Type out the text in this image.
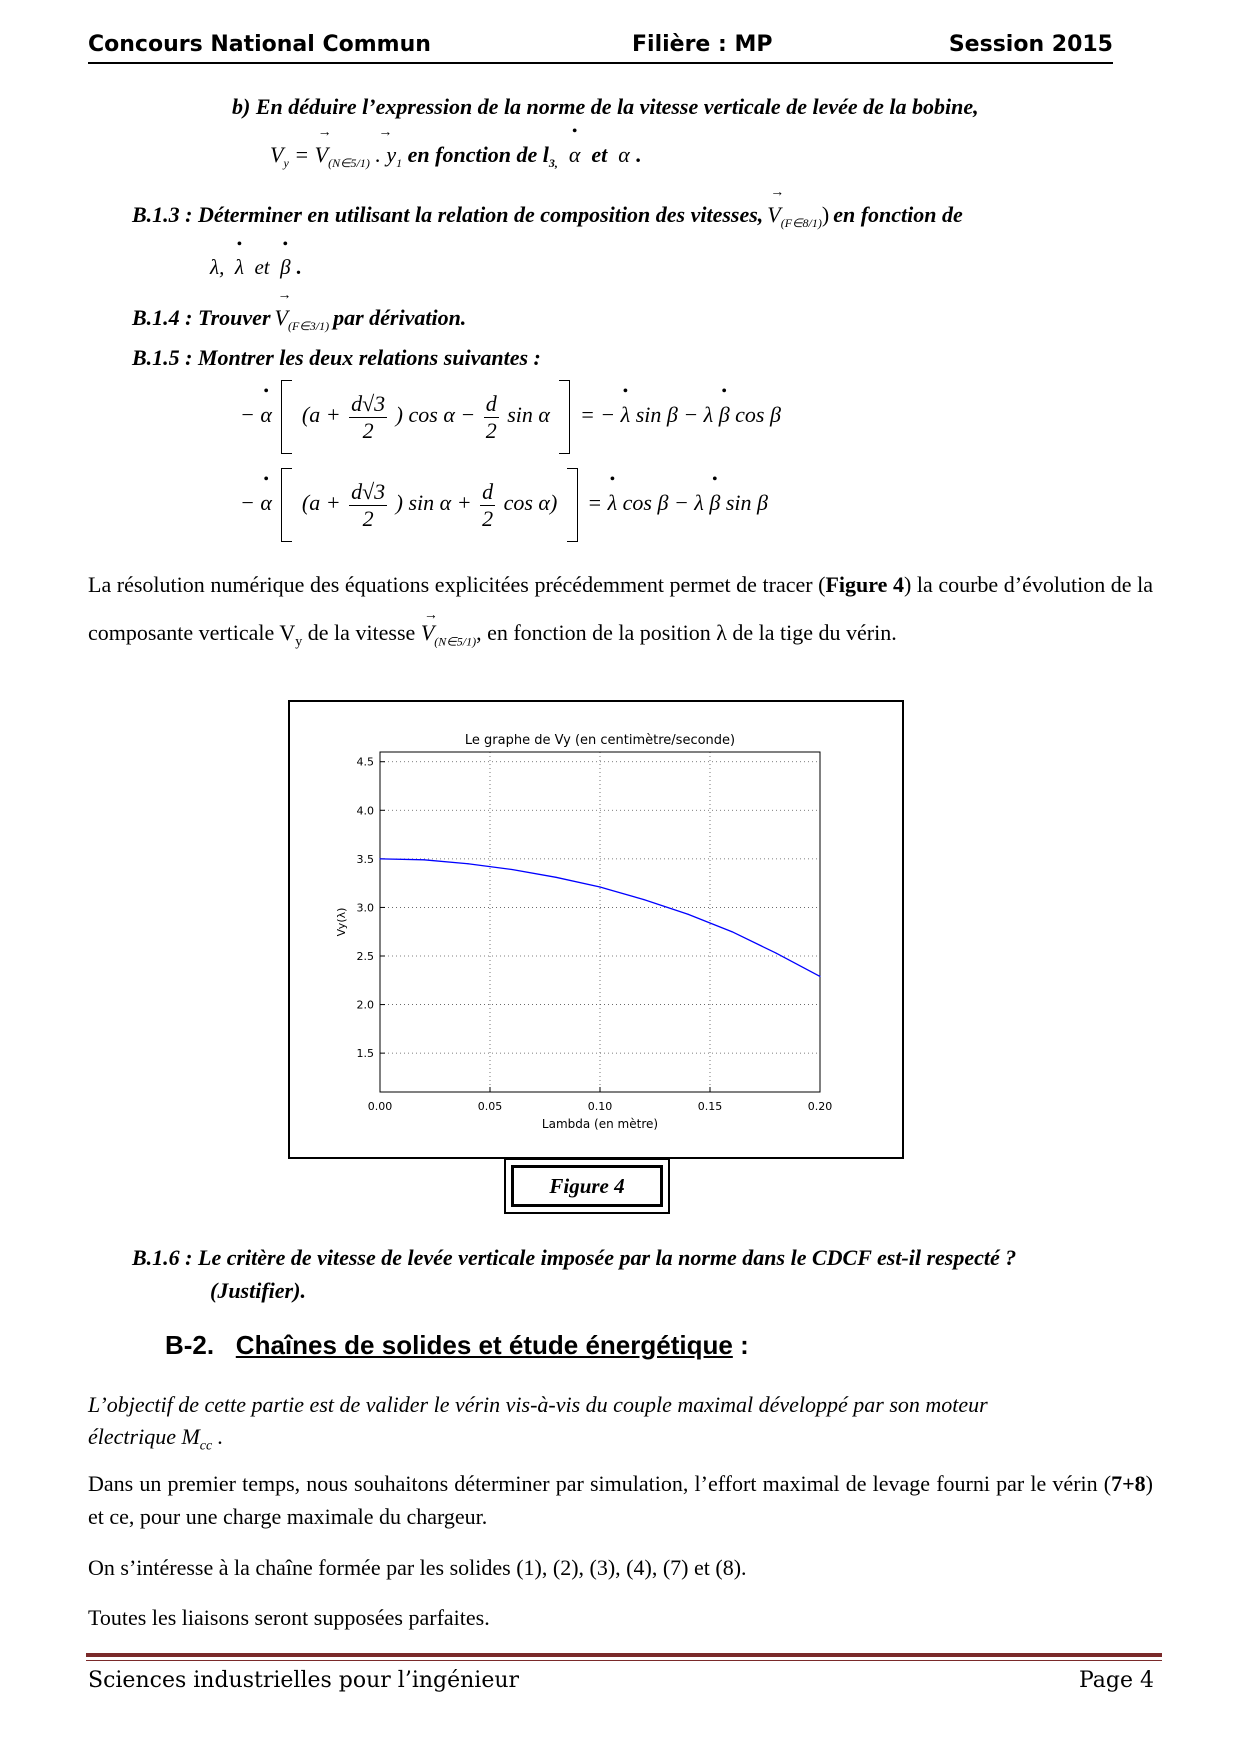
Concours National Commun	Filière : MP	Session 2015
b) En déduire l’expression de la norme de la vitesse verticale de levée de la bobine,
$V_y$ = → $V_{(N\in 5/1)}$ → . $y_1$ en fonction de $l_{3,}$ • α et α .
B.1.3 : Déterminer en utilisant la relation de composition des vitesses, → $V_{(F\in 8/1)}$) en fonction de
λ, • λ et • β .
B.1.4 : Trouver → $V_{(F\in 3/1)}$ par dérivation.
B.1.5 : Montrer les deux relations suivantes :
− • α ($a + \frac{d√3}{2}$ ) $\cos \alpha - \frac{d}{2}$ sin α = − • λ sin β − λ • β cos β
− • α ($a + \frac{d√3}{2}$ ) $\sin \alpha + \frac{d}{2}$ cos α) = • λ cos β − λ • β sin β
La résolution numérique des équations explicitées précédemment permet de tracer (Figure 4) la courbe d’évolution de la composante verticale $V_y$ de la vitesse → $V_{(N\in 5/1)}$, en fonction de la position λ de la tige du vérin.
0.00	0.05	0.10	0.15	0.20
1.5
2.0
2.5
3.0
3.5
4.0
4.5
Le graphe de Vy (en centimètre/seconde)
Lambda (en mètre)
Vy(λ)
Figure 4
B.1.6 : Le critère de vitesse de levée verticale imposée par la norme dans le CDCF est-il respecté ?
(Justifier).
B-2. Chaînes de solides et étude énergétique :
L’objectif de cette partie est de valider le vérin vis-à-vis du couple maximal développé par son moteur
électrique $M_{cc}$ .
Dans un premier temps, nous souhaitons déterminer par simulation, l’effort maximal de levage fourni par le vérin (7+8) et ce, pour une charge maximale du chargeur.
On s’intéresse à la chaîne formée par les solides (1), (2), (3), (4), (7) et (8).
Toutes les liaisons seront supposées parfaites.
Sciences industrielles pour l’ingénieur	Page 4
